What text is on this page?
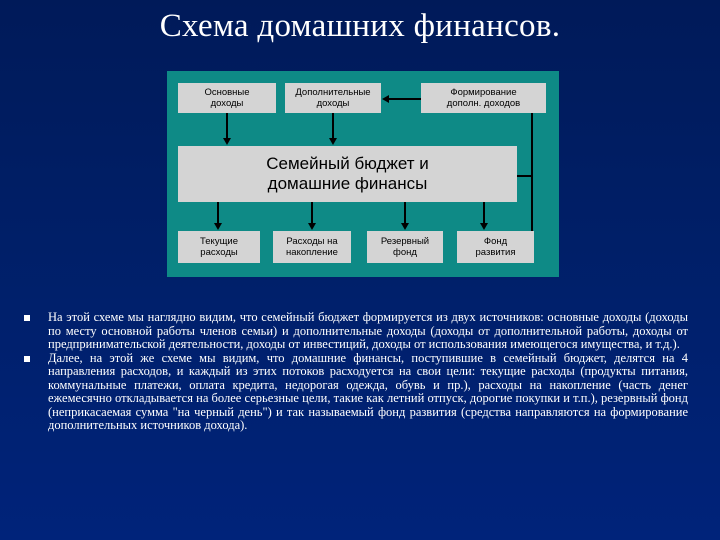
Схема домашних финансов.
Основные
доходы
Дополнительные
доходы
Формирование
дополн. доходов
Семейный бюджет и
домашние финансы
Текущие
расходы
Расходы на
накопление
Резервный
фонд
Фонд
развития
На этой схеме мы наглядно видим, что семейный бюджет формируется из двух источников: основные доходы (доходы по месту основной работы членов семьи) и дополнительные доходы (доходы от дополнительной работы, доходы от предпринимательской деятельности, доходы от инвестиций, доходы от использования имеющегося имущества, и т.д.).
Далее, на этой же схеме мы видим, что домашние финансы, поступившие в семейный бюджет, делятся на 4 направления расходов, и каждый из этих потоков расходуется на свои цели: текущие расходы (продукты питания, коммунальные платежи, оплата кредита, недорогая одежда, обувь и пр.), расходы на накопление (часть денег ежемесячно откладывается на более серьезные цели, такие как летний отпуск, дорогие покупки и т.п.), резервный фонд (неприкасаемая сумма "на черный день") и так называемый фонд развития (средства направляются на формирование дополнительных источников дохода).
